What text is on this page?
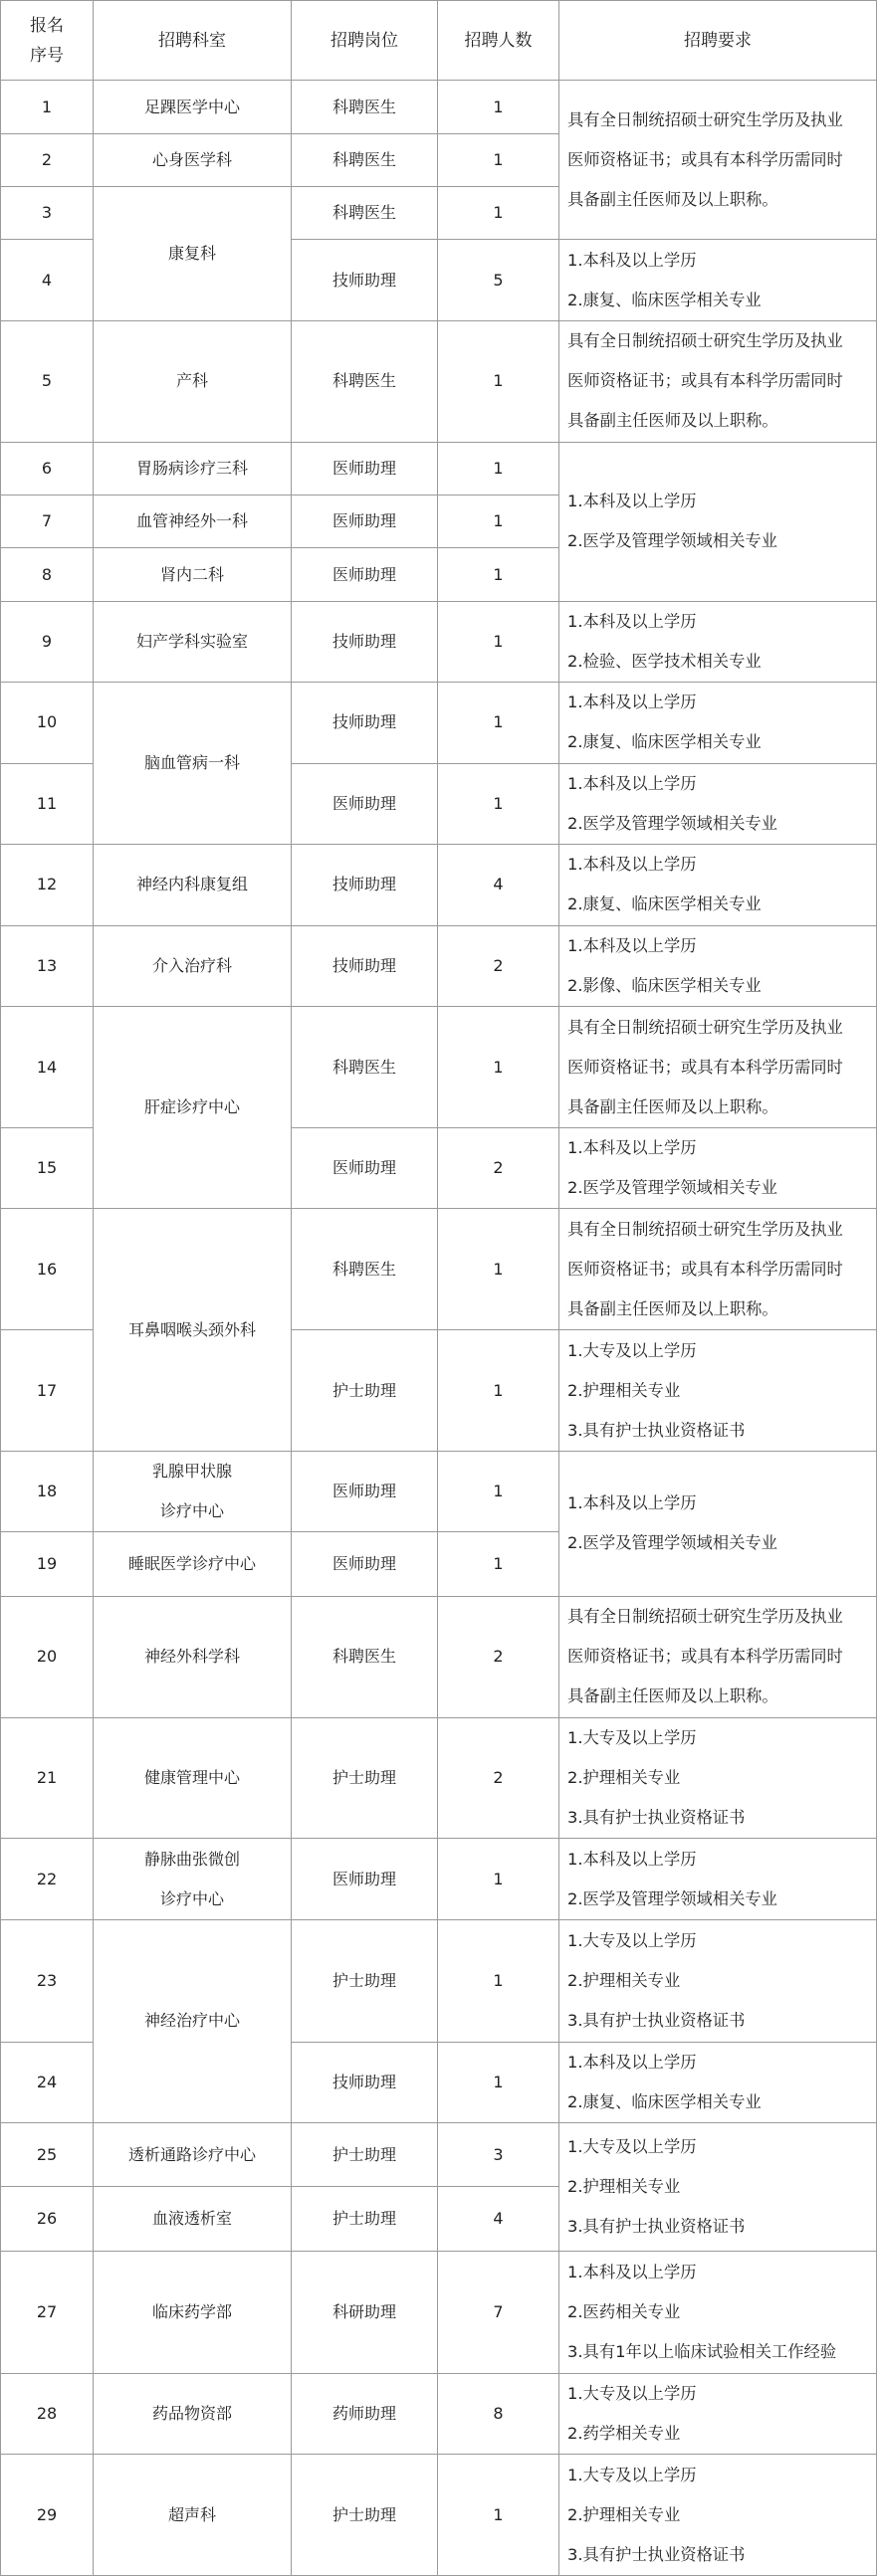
报名
序号	招聘科室	招聘岗位	招聘人数	招聘要求
1	足踝医学中心	科聘医生	1	具有全日制统招硕士研究生学历及执业
医师资格证书；或具有本科学历需同时
具备副主任医师及以上职称。

2	心身医学科	科聘医生	1	
3	康复科	科聘医生	1	
4		技师助理	5	1.本科及以上学历
2.康复、临床医学相关专业

5	产科	科聘医生	1	具有全日制统招硕士研究生学历及执业
医师资格证书；或具有本科学历需同时
具备副主任医师及以上职称。

6	胃肠病诊疗三科	医师助理	1	1.本科及以上学历
2.医学及管理学领域相关专业

7	血管神经外一科	医师助理	1	
8	肾内二科	医师助理	1	
9	妇产学科实验室	技师助理	1	1.本科及以上学历
2.检验、医学技术相关专业

10	脑血管病一科	技师助理	1	1.本科及以上学历
2.康复、临床医学相关专业

11		医师助理	1	1.本科及以上学历
2.医学及管理学领域相关专业

12	神经内科康复组	技师助理	4	1.本科及以上学历
2.康复、临床医学相关专业

13	介入治疗科	技师助理	2	1.本科及以上学历
2.影像、临床医学相关专业

14	肝症诊疗中心	科聘医生	1	具有全日制统招硕士研究生学历及执业
医师资格证书；或具有本科学历需同时
具备副主任医师及以上职称。

15		医师助理	2	1.本科及以上学历
2.医学及管理学领域相关专业

16	耳鼻咽喉头颈外科	科聘医生	1	具有全日制统招硕士研究生学历及执业
医师资格证书；或具有本科学历需同时
具备副主任医师及以上职称。

17		护士助理	1	1.大专及以上学历
2.护理相关专业
3.具有护士执业资格证书

18	乳腺甲状腺
诊疗中心	医师助理	1	1.本科及以上学历
2.医学及管理学领域相关专业

19	睡眠医学诊疗中心	医师助理	1	
20	神经外科学科	科聘医生	2	具有全日制统招硕士研究生学历及执业
医师资格证书；或具有本科学历需同时
具备副主任医师及以上职称。

21	健康管理中心	护士助理	2	1.大专及以上学历
2.护理相关专业
3.具有护士执业资格证书

22	静脉曲张微创
诊疗中心	医师助理	1	1.本科及以上学历
2.医学及管理学领域相关专业

23	神经治疗中心	护士助理	1	1.大专及以上学历
2.护理相关专业
3.具有护士执业资格证书

24		技师助理	1	1.本科及以上学历
2.康复、临床医学相关专业

25	透析通路诊疗中心	护士助理	3	1.大专及以上学历
2.护理相关专业
3.具有护士执业资格证书

26	血液透析室	护士助理	4	
27	临床药学部	科研助理	7	1.本科及以上学历
2.医药相关专业
3.具有1年以上临床试验相关工作经验

28	药品物资部	药师助理	8	1.大专及以上学历
2.药学相关专业

29	超声科	护士助理	1	1.大专及以上学历
2.护理相关专业
3.具有护士执业资格证书
